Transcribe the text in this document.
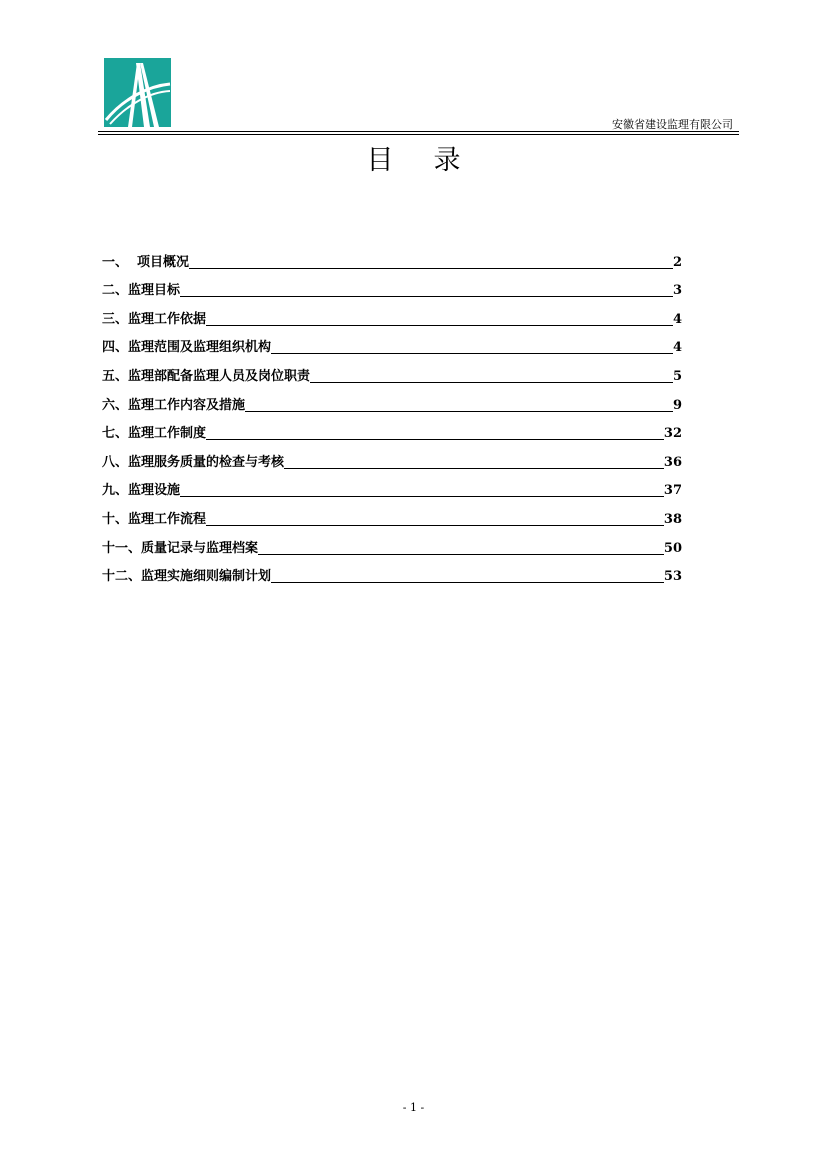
安徽省建设监理有限公司
目录
一、  项目概况	2
二、监理目标	3
三、监理工作依据	4
四、监理范围及监理组织机构	4
五、监理部配备监理人员及岗位职责	5
六、监理工作内容及措施	9
七、监理工作制度	32
八、监理服务质量的检查与考核	36
九、监理设施	37
十、监理工作流程	38
十一、质量记录与监理档案	50
十二、监理实施细则编制计划	53
- 1 -
